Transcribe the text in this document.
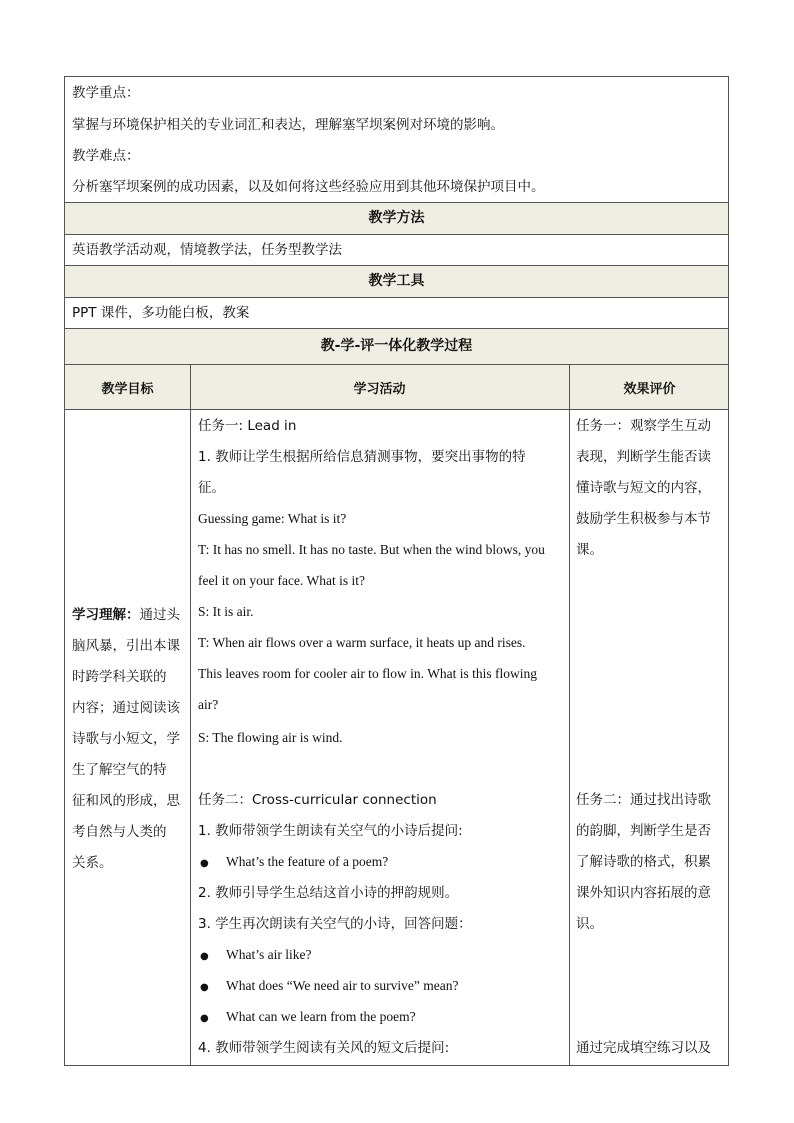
教学重点：
掌握与环境保护相关的专业词汇和表达，理解塞罕坝案例对环境的影响。
教学难点：
分析塞罕坝案例的成功因素，以及如何将这些经验应用到其他环境保护项目中。
教学方法
英语教学活动观，情境教学法，任务型教学法
教学工具
PPT 课件，多功能白板，教案
教-学-评一体化教学过程
教学目标	学习活动	效果评价
学习理解：通过头
脑风暴，引出本课
时跨学科关联的
内容；通过阅读该
诗歌与小短文，学
生了解空气的特
征和风的形成，思
考自然与人类的
关系。
任务一: Lead in
1. 教师让学生根据所给信息猜测事物，要突出事物的特
征。
Guessing game: What is it?
T: It has no smell. It has no taste. But when the wind blows, you
feel it on your face. What is it?
S: It is air.
T: When air flows over a warm surface, it heats up and rises.
This leaves room for cooler air to flow in. What is this flowing
air?
S: The flowing air is wind.
任务二：Cross-curricular connection
1. 教师带领学生朗读有关空气的小诗后提问:
● What’s the feature of a poem?
2. 教师引导学生总结这首小诗的押韵规则。
3. 学生再次朗读有关空气的小诗，回答问题：
● What’s air like?
● What does “We need air to survive” mean?
● What can we learn from the poem?
4. 教师带领学生阅读有关风的短文后提问:
任务一：观察学生互动
表现，判断学生能否读
懂诗歌与短文的内容，
鼓励学生积极参与本节
课。
任务二：通过找出诗歌
的韵脚，判断学生是否
了解诗歌的格式，积累
课外知识内容拓展的意
识。
通过完成填空练习以及
